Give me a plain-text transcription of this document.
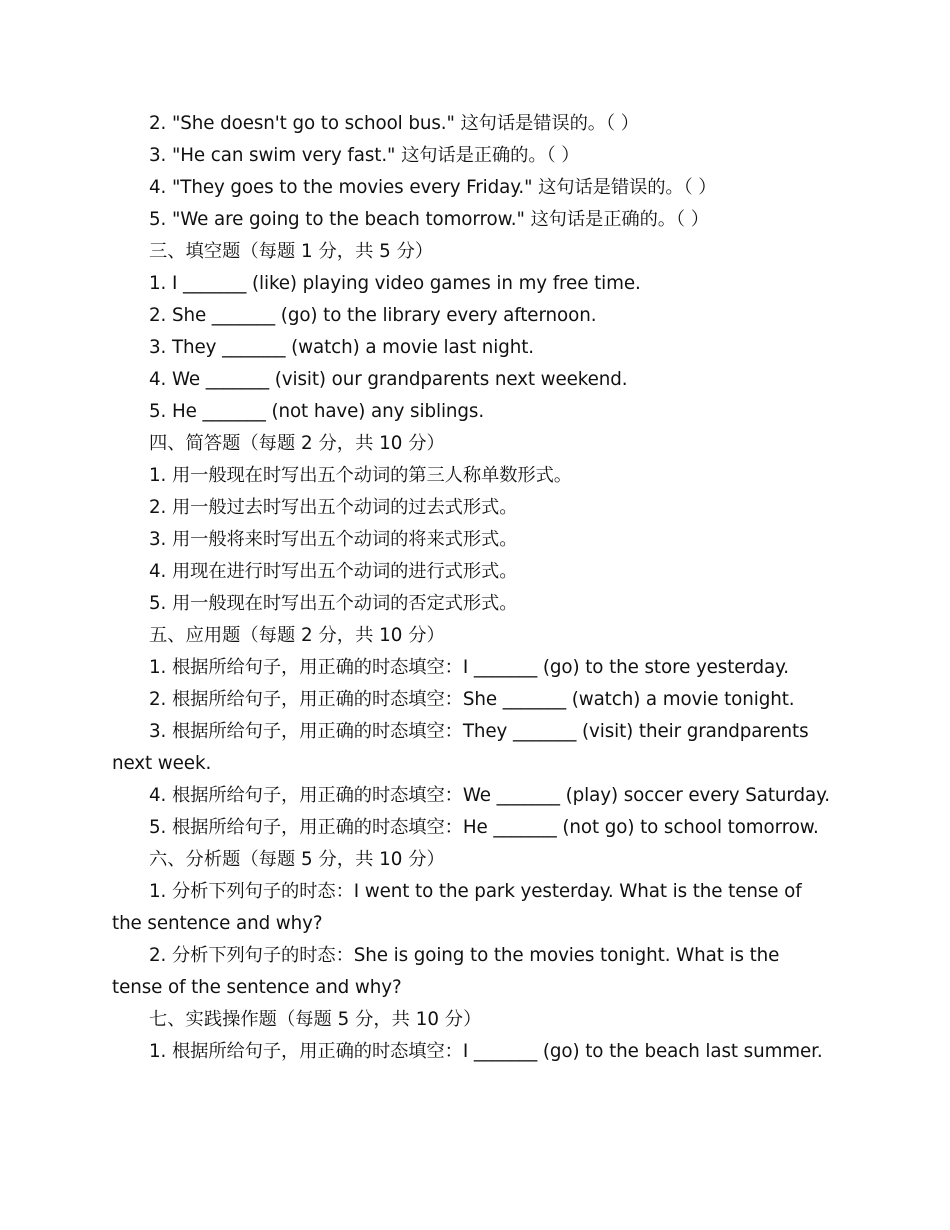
2. "She doesn't go to school bus." 这句话是错误的。（ ）

3. "He can swim very fast." 这句话是正确的。（ ）

4. "They goes to the movies every Friday." 这句话是错误的。（ ）

5. "We are going to the beach tomorrow." 这句话是正确的。（ ）

三、填空题（每题 1 分，共 5 分）

1. I _______ (like) playing video games in my free time.

2. She _______ (go) to the library every afternoon.

3. They _______ (watch) a movie last night.

4. We _______ (visit) our grandparents next weekend.

5. He _______ (not have) any siblings.

四、简答题（每题 2 分，共 10 分）

1. 用一般现在时写出五个动词的第三人称单数形式。

2. 用一般过去时写出五个动词的过去式形式。

3. 用一般将来时写出五个动词的将来式形式。

4. 用现在进行时写出五个动词的进行式形式。

5. 用一般现在时写出五个动词的否定式形式。

五、应用题（每题 2 分，共 10 分）

1. 根据所给句子，用正确的时态填空：I _______ (go) to the store yesterday.

2. 根据所给句子，用正确的时态填空：She _______ (watch) a movie tonight.

3. 根据所给句子，用正确的时态填空：They _______ (visit) their grandparents next week.

4. 根据所给句子，用正确的时态填空：We _______ (play) soccer every Saturday.

5. 根据所给句子，用正确的时态填空：He _______ (not go) to school tomorrow.

六、分析题（每题 5 分，共 10 分）

1. 分析下列句子的时态：I went to the park yesterday. What is the tense of the sentence and why?

2. 分析下列句子的时态：She is going to the movies tonight. What is the tense of the sentence and why?

七、实践操作题（每题 5 分，共 10 分）

1. 根据所给句子，用正确的时态填空：I _______ (go) to the beach last summer.
